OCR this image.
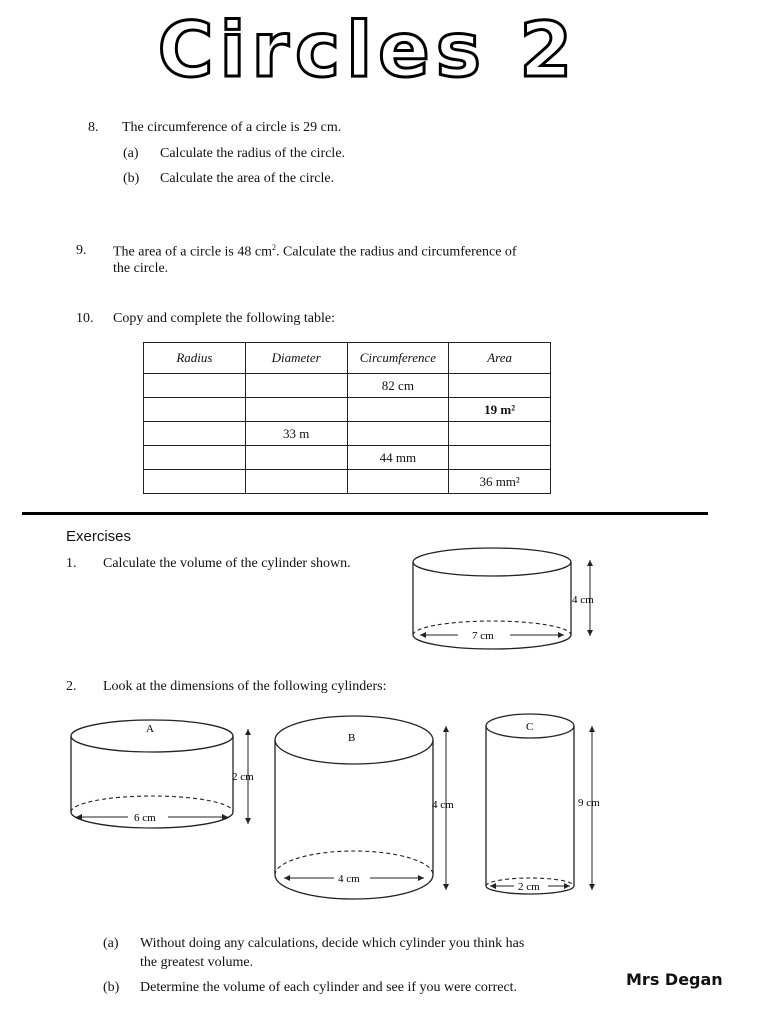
Circles 2
8. The circumference of a circle is 29 cm.
(a) Calculate the radius of the circle.
(b) Calculate the area of the circle.
9. The area of a circle is 48 $cm^2$. Calculate the radius and circumference of
the circle.
10. Copy and complete the following table:
Radius	Diameter	Circumference	Area
		82 cm	
			19 m²
	33 m		
		44 mm	
			36 mm²
Exercises
1. Calculate the volume of the cylinder shown.
7 cm
4 cm
2. Look at the dimensions of the following cylinders:
6 cm
A
2 cm
4 cm
B
4 cm
2 cm
C
9 cm
(a) Without doing any calculations, decide which cylinder you think has
the greatest volume.
(b) Determine the volume of each cylinder and see if you were correct.	Mrs Degan
